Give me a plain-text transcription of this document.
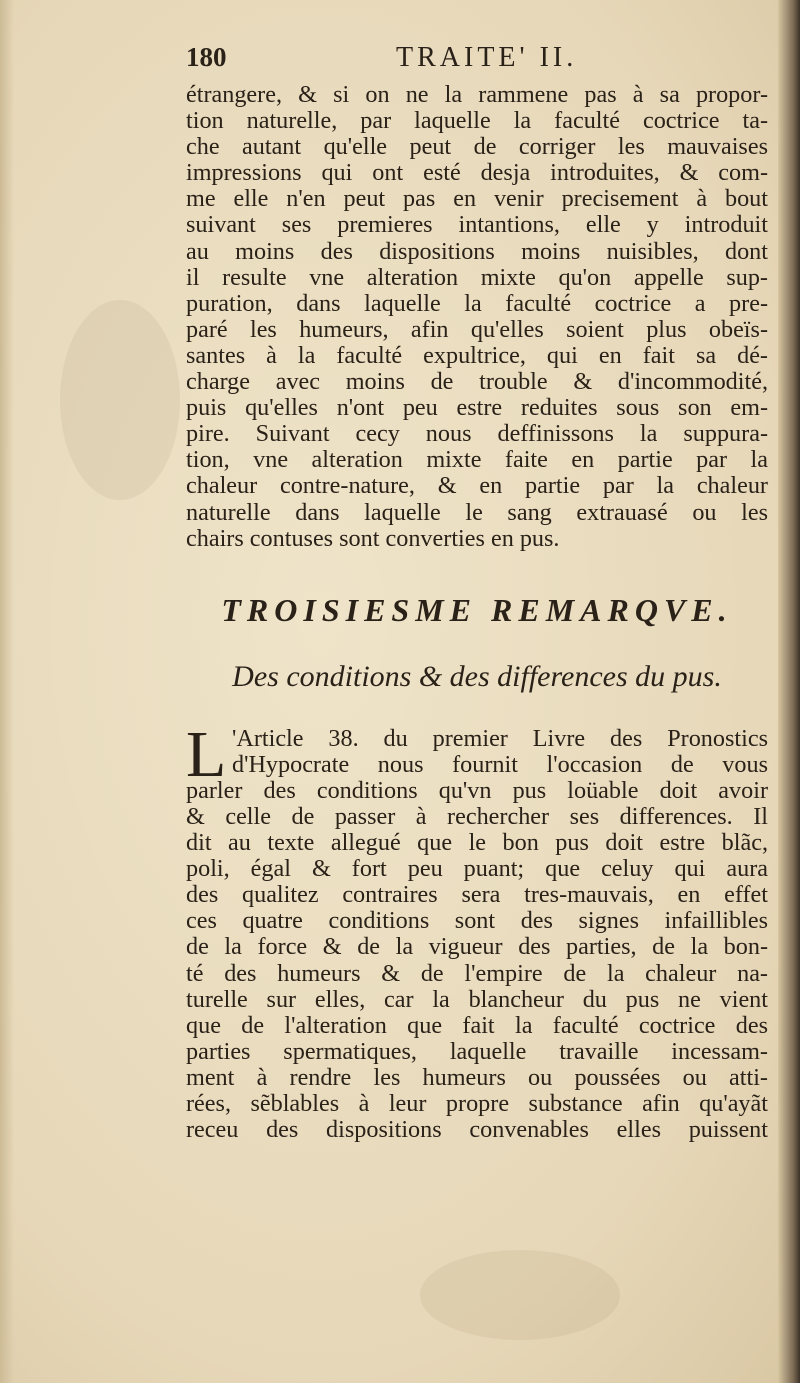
180	TRAITE' II.
étrangere, & si on ne la rammene pas à sa propor-
tion naturelle, par laquelle la faculté coctrice ta-
che autant qu'elle peut de corriger les mauvaises
impressions qui ont esté desja introduites, & com-
me elle n'en peut pas en venir precisement à bout
suivant ses premieres intantions, elle y introduit
au moins des dispositions moins nuisibles, dont
il resulte vne alteration mixte qu'on appelle sup-
puration, dans laquelle la faculté coctrice a pre-
paré les humeurs, afin qu'elles soient plus obeïs-
santes à la faculté expultrice, qui en fait sa dé-
charge avec moins de trouble & d'incommodité,
puis qu'elles n'ont peu estre reduites sous son em-
pire. Suivant cecy nous deffinissons la suppura-
tion, vne alteration mixte faite en partie par la
chaleur contre-nature, & en partie par la chaleur
naturelle dans laquelle le sang extrauasé ou les
chairs contuses sont converties en pus.
TROISIESME REMARQVE.
Des conditions & des differences du pus.
L 'Article 38. du premier Livre des Pronostics
d'Hypocrate nous fournit l'occasion de vous
parler des conditions qu'vn pus loüable doit avoir
& celle de passer à rechercher ses differences. Il
dit au texte allegué que le bon pus doit estre blãc,
poli, égal & fort peu puant; que celuy qui aura
des qualitez contraires sera tres-mauvais, en effet
ces quatre conditions sont des signes infaillibles
de la force & de la vigueur des parties, de la bon-
té des humeurs & de l'empire de la chaleur na-
turelle sur elles, car la blancheur du pus ne vient
que de l'alteration que fait la faculté coctrice des
parties spermatiques, laquelle travaille incessam-
ment à rendre les humeurs ou poussées ou atti-
rées, sẽblables à leur propre substance afin qu'ayãt
receu des dispositions convenables elles puissent
